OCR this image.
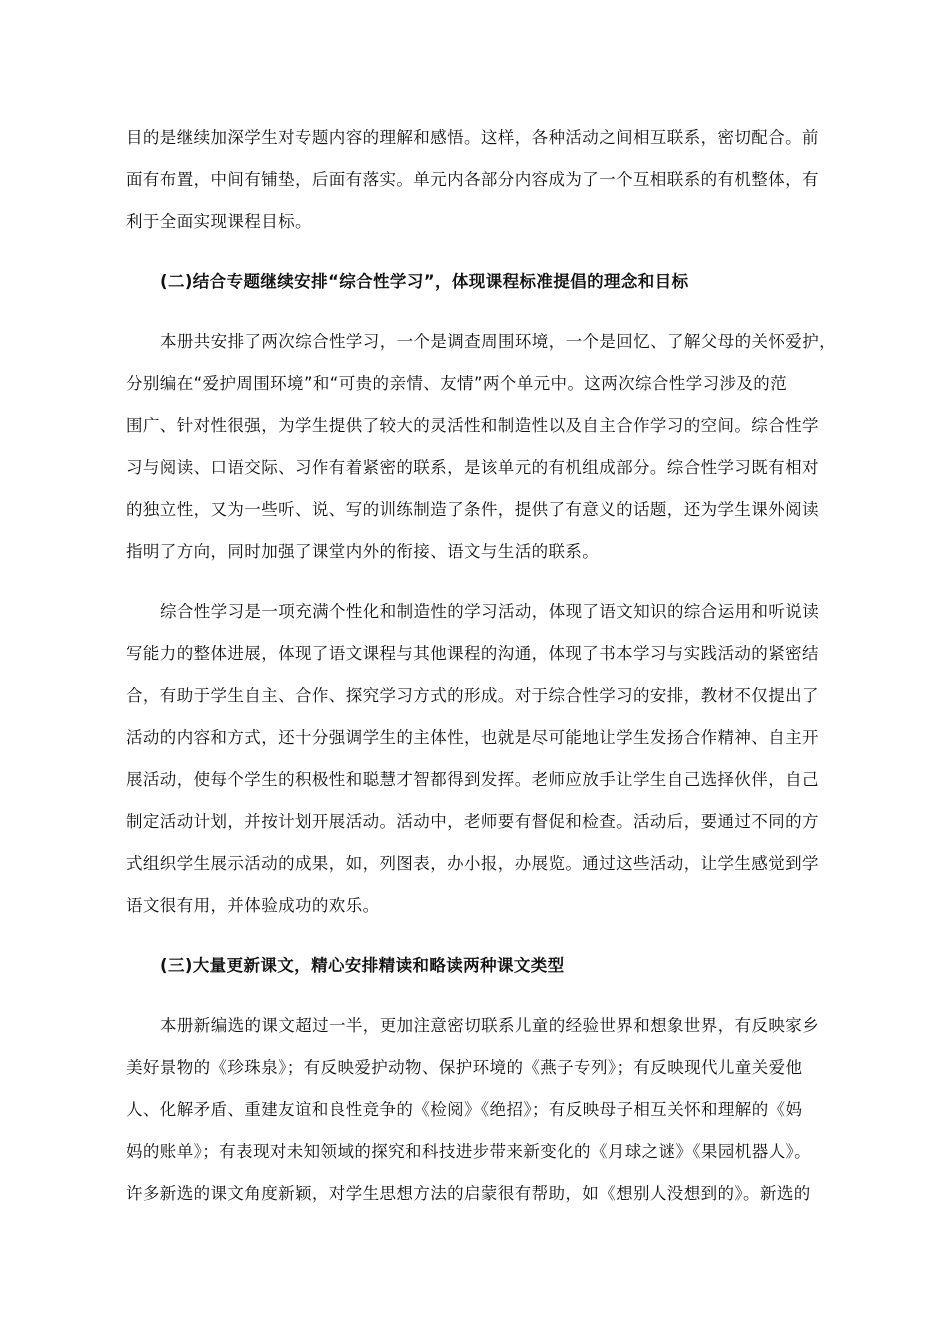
目的是继续加深学生对专题内容的理解和感悟。这样，各种活动之间相互联系，密切配合。前
面有布置，中间有铺垫，后面有落实。单元内各部分内容成为了一个互相联系的有机整体，有
利于全面实现课程目标。
(二)结合专题继续安排“综合性学习”，体现课程标准提倡的理念和目标
本册共安排了两次综合性学习，一个是调查周围环境，一个是回忆、了解父母的关怀爱护，
分别编在“爱护周围环境”和“可贵的亲情、友情”两个单元中。这两次综合性学习涉及的范
围广、针对性很强，为学生提供了较大的灵活性和制造性以及自主合作学习的空间。综合性学
习与阅读、口语交际、习作有着紧密的联系，是该单元的有机组成部分。综合性学习既有相对
的独立性，又为一些听、说、写的训练制造了条件，提供了有意义的话题，还为学生课外阅读
指明了方向，同时加强了课堂内外的衔接、语文与生活的联系。
综合性学习是一项充满个性化和制造性的学习活动，体现了语文知识的综合运用和听说读
写能力的整体进展，体现了语文课程与其他课程的沟通，体现了书本学习与实践活动的紧密结
合，有助于学生自主、合作、探究学习方式的形成。对于综合性学习的安排，教材不仅提出了
活动的内容和方式，还十分强调学生的主体性，也就是尽可能地让学生发扬合作精神、自主开
展活动，使每个学生的积极性和聪慧才智都得到发挥。老师应放手让学生自己选择伙伴，自己
制定活动计划，并按计划开展活动。活动中，老师要有督促和检查。活动后，要通过不同的方
式组织学生展示活动的成果，如，列图表，办小报，办展览。通过这些活动，让学生感觉到学
语文很有用，并体验成功的欢乐。
(三)大量更新课文，精心安排精读和略读两种课文类型
本册新编选的课文超过一半，更加注意密切联系儿童的经验世界和想象世界，有反映家乡
美好景物的《珍珠泉》；有反映爱护动物、保护环境的《燕子专列》；有反映现代儿童关爱他
人、化解矛盾、重建友谊和良性竞争的《检阅》《绝招》；有反映母子相互关怀和理解的《妈
妈的账单》；有表现对未知领域的探究和科技进步带来新变化的《月球之谜》《果园机器人》。
许多新选的课文角度新颖，对学生思想方法的启蒙很有帮助，如《想别人没想到的》。新选的
